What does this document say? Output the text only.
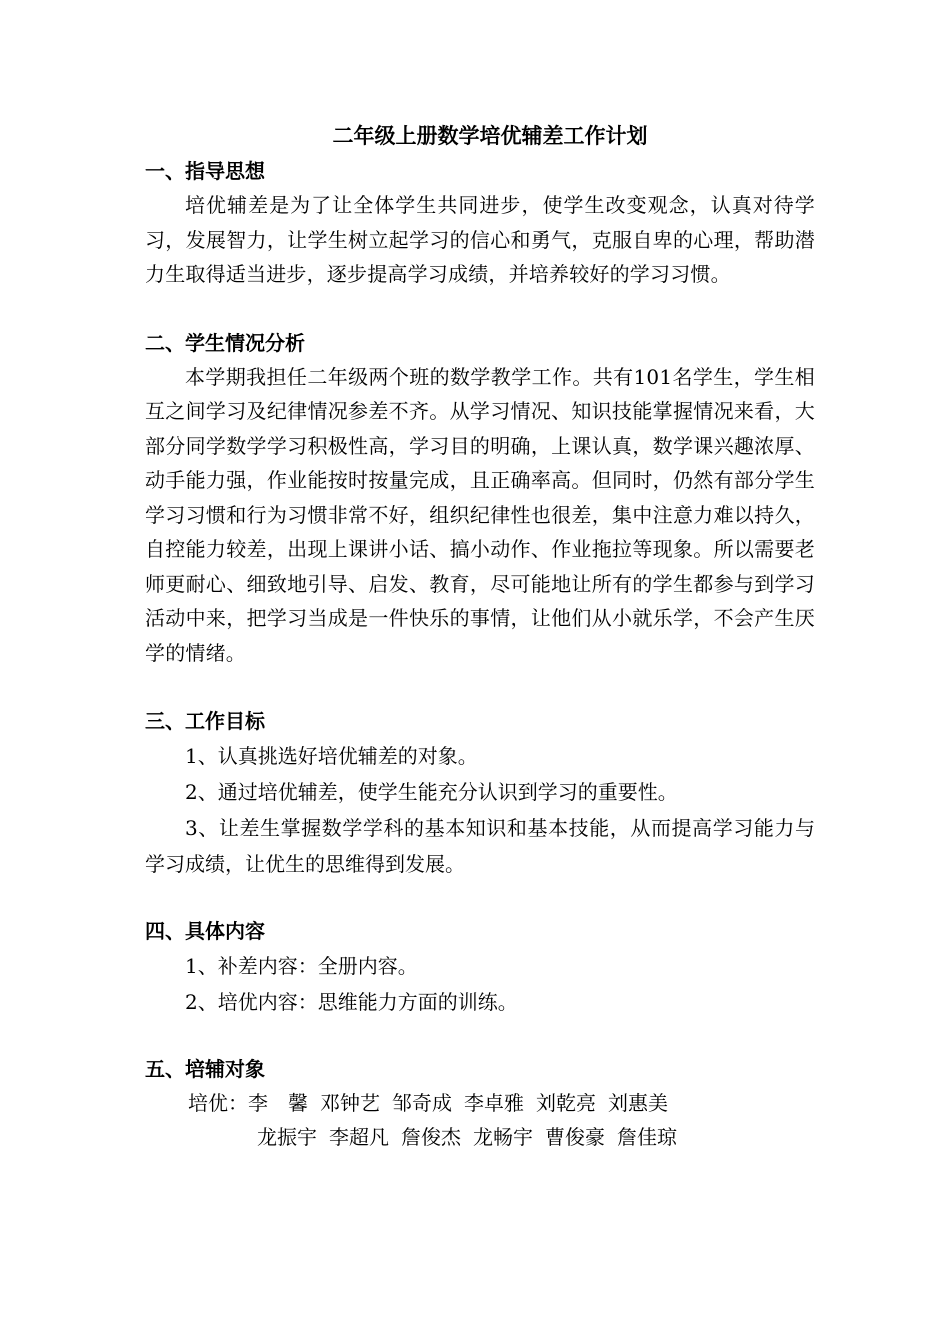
二年级上册数学培优辅差工作计划
一、指导思想

培优辅差是为了让全体学生共同进步，使学生改变观念，认真对待学习，发展智力，让学生树立起学习的信心和勇气，克服自卑的心理，帮助潜力生取得适当进步，逐步提高学习成绩，并培养较好的学习习惯。

二、学生情况分析

本学期我担任二年级两个班的数学教学工作。共有101名学生，学生相互之间学习及纪律情况参差不齐。从学习情况、知识技能掌握情况来看，大部分同学数学学习积极性高，学习目的明确，上课认真，数学课兴趣浓厚、动手能力强，作业能按时按量完成，且正确率高。但同时，仍然有部分学生学习习惯和行为习惯非常不好，组织纪律性也很差，集中注意力难以持久，自控能力较差，出现上课讲小话、搞小动作、作业拖拉等现象。所以需要老师更耐心、细致地引导、启发、教育，尽可能地让所有的学生都参与到学习活动中来，把学习当成是一件快乐的事情，让他们从小就乐学，不会产生厌学的情绪。

三、工作目标

1、认真挑选好培优辅差的对象。

2、通过培优辅差，使学生能充分认识到学习的重要性。

3、让差生掌握数学学科的基本知识和基本技能，从而提高学习能力与学习成绩，让优生的思维得到发展。

四、具体内容

1、补差内容：全册内容。

2、培优内容：思维能力方面的训练。

五、培辅对象

培优：李　馨 邓钟艺 邹奇成 李卓雅 刘乾亮 刘惠美

龙振宇 李超凡 詹俊杰 龙畅宇 曹俊豪 詹佳琼
